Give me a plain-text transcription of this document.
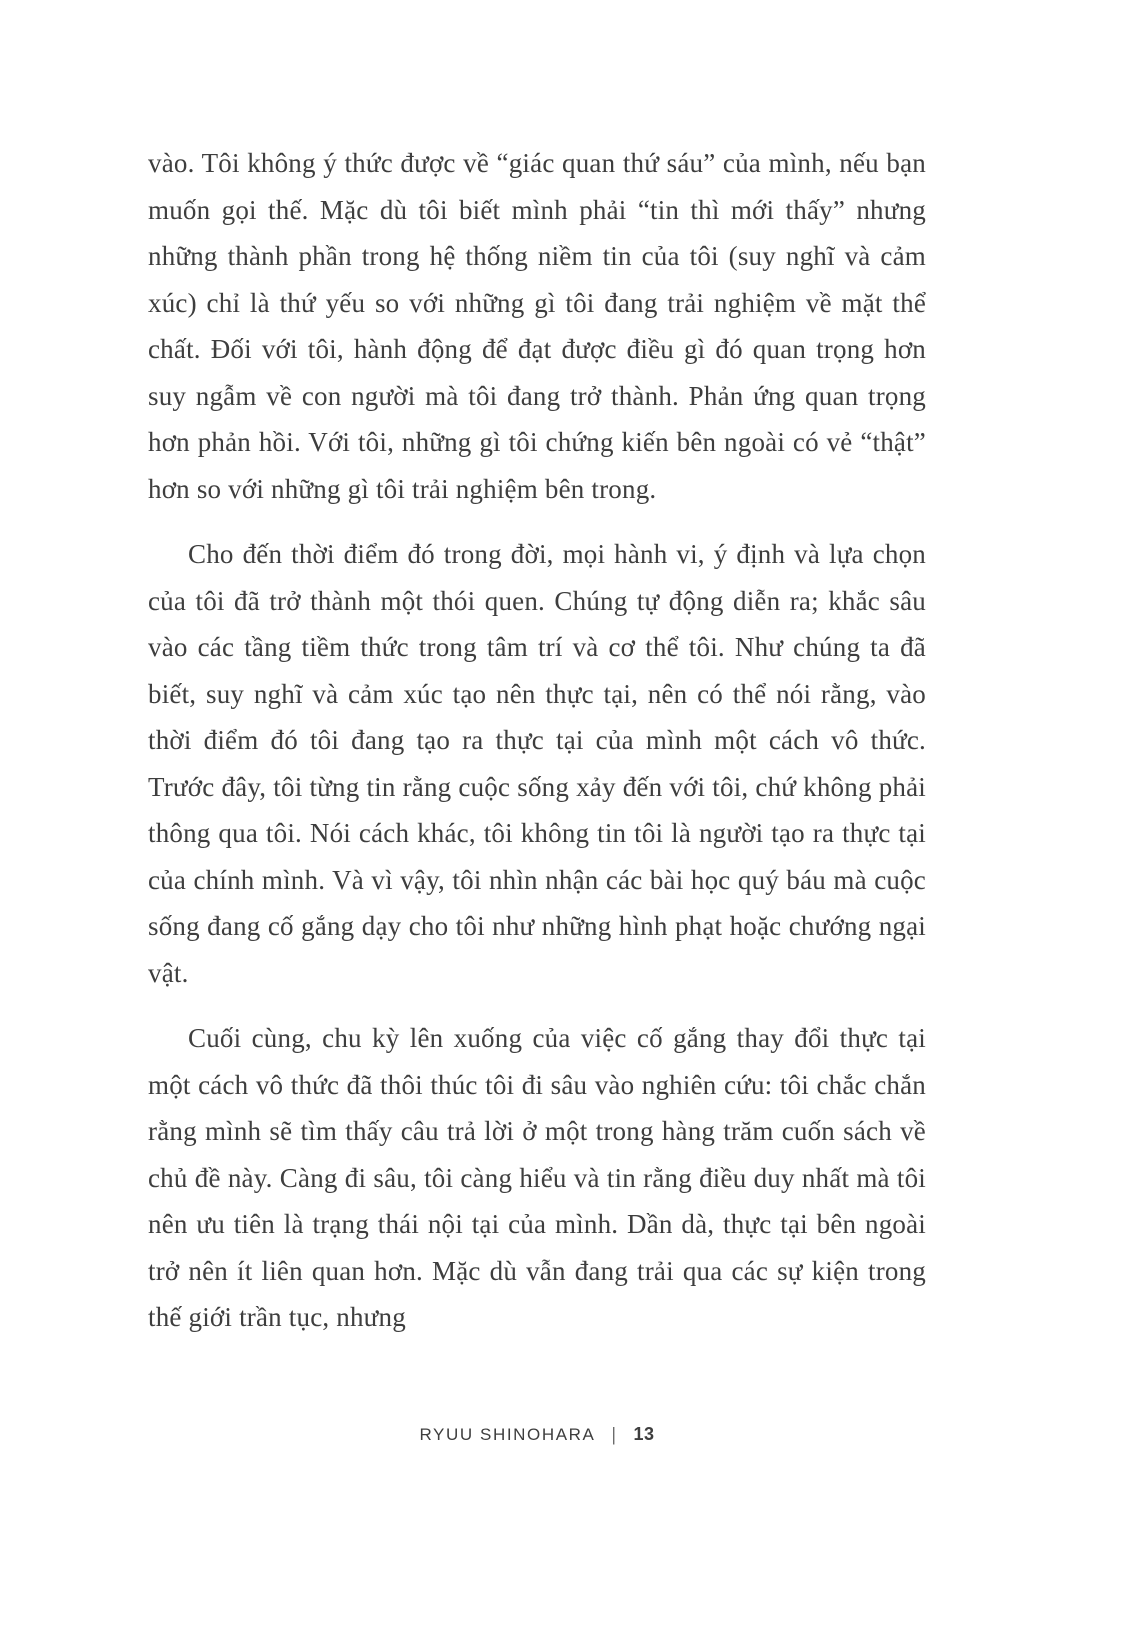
vào. Tôi không ý thức được về “giác quan thứ sáu” của mình, nếu bạn muốn gọi thế. Mặc dù tôi biết mình phải “tin thì mới thấy” nhưng những thành phần trong hệ thống niềm tin của tôi (suy nghĩ và cảm xúc) chỉ là thứ yếu so với những gì tôi đang trải nghiệm về mặt thể chất. Đối với tôi, hành động để đạt được điều gì đó quan trọng hơn suy ngẫm về con người mà tôi đang trở thành. Phản ứng quan trọng hơn phản hồi. Với tôi, những gì tôi chứng kiến bên ngoài có vẻ “thật” hơn so với những gì tôi trải nghiệm bên trong.

Cho đến thời điểm đó trong đời, mọi hành vi, ý định và lựa chọn của tôi đã trở thành một thói quen. Chúng tự động diễn ra; khắc sâu vào các tầng tiềm thức trong tâm trí và cơ thể tôi. Như chúng ta đã biết, suy nghĩ và cảm xúc tạo nên thực tại, nên có thể nói rằng, vào thời điểm đó tôi đang tạo ra thực tại của mình một cách vô thức. Trước đây, tôi từng tin rằng cuộc sống xảy đến với tôi, chứ không phải thông qua tôi. Nói cách khác, tôi không tin tôi là người tạo ra thực tại của chính mình. Và vì vậy, tôi nhìn nhận các bài học quý báu mà cuộc sống đang cố gắng dạy cho tôi như những hình phạt hoặc chướng ngại vật.

Cuối cùng, chu kỳ lên xuống của việc cố gắng thay đổi thực tại một cách vô thức đã thôi thúc tôi đi sâu vào nghiên cứu: tôi chắc chắn rằng mình sẽ tìm thấy câu trả lời ở một trong hàng trăm cuốn sách về chủ đề này. Càng đi sâu, tôi càng hiểu và tin rằng điều duy nhất mà tôi nên ưu tiên là trạng thái nội tại của mình. Dần dà, thực tại bên ngoài trở nên ít liên quan hơn. Mặc dù vẫn đang trải qua các sự kiện trong thế giới trần tục, nhưng

RYUU SHINOHARA | 13
